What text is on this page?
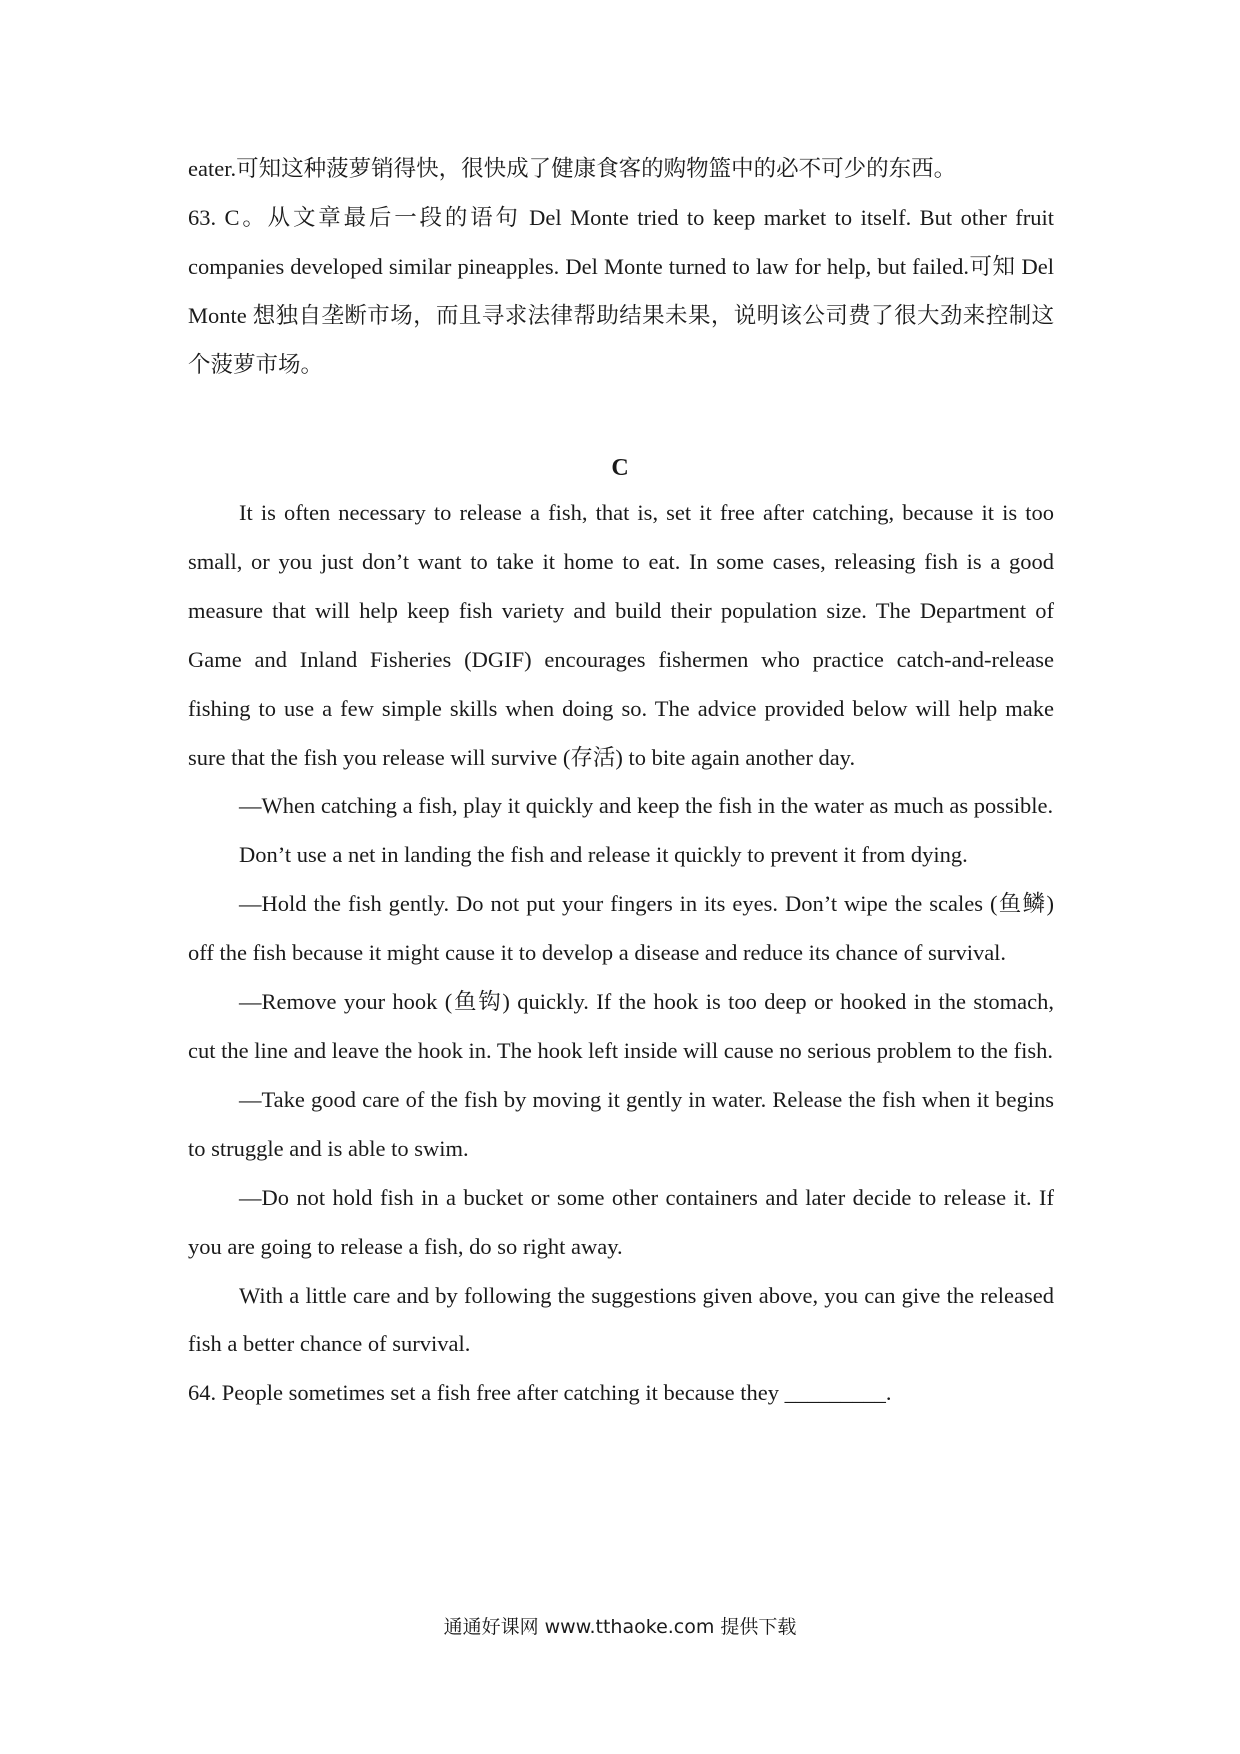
eater.可知这种菠萝销得快，很快成了健康食客的购物篮中的必不可少的东西。

63. C。从文章最后一段的语句 Del Monte tried to keep market to itself. But other fruit companies developed similar pineapples. Del Monte turned to law for help, but failed.可知 Del Monte 想独自垄断市场，而且寻求法律帮助结果未果，说明该公司费了很大劲来控制这个菠萝市场。

C

It is often necessary to release a fish, that is, set it free after catching, because it is too small, or you just don’t want to take it home to eat. In some cases, releasing fish is a good measure that will help keep fish variety and build their population size. The Department of Game and Inland Fisheries (DGIF) encourages fishermen who practice catch-and-release fishing to use a few simple skills when doing so. The advice provided below will help make sure that the fish you release will survive (存活) to bite again another day.

—When catching a fish, play it quickly and keep the fish in the water as much as possible.

Don’t use a net in landing the fish and release it quickly to prevent it from dying.

—Hold the fish gently. Do not put your fingers in its eyes. Don’t wipe the scales (鱼鳞) off the fish because it might cause it to develop a disease and reduce its chance of survival.

—Remove your hook (鱼钩) quickly. If the hook is too deep or hooked in the stomach, cut the line and leave the hook in. The hook left inside will cause no serious problem to the fish.

—Take good care of the fish by moving it gently in water. Release the fish when it begins to struggle and is able to swim.

—Do not hold fish in a bucket or some other containers and later decide to release it. If you are going to release a fish, do so right away.

With a little care and by following the suggestions given above, you can give the released fish a better chance of survival.

64. People sometimes set a fish free after catching it because they _________.

通通好课网 www.tthaoke.com 提供下载
